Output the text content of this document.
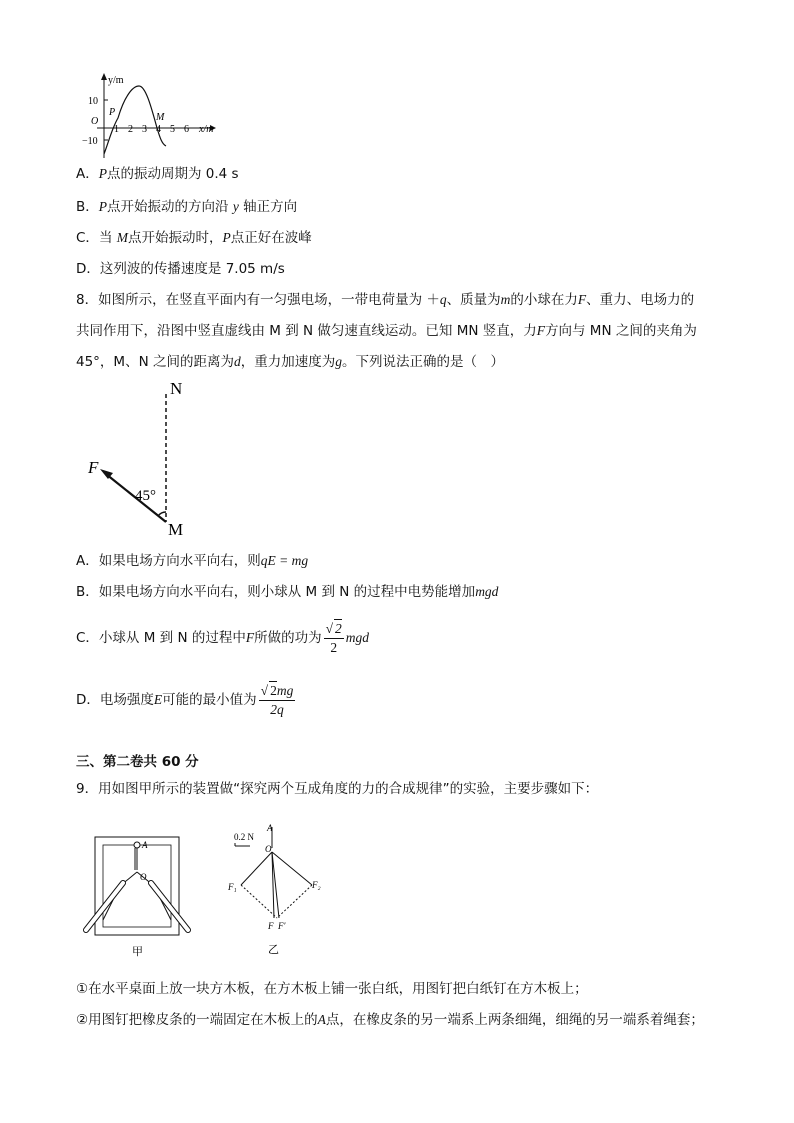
y/m
x/m
O
10
−10
1 2 3 4 5 6
P	M
A．P点的振动周期为 0.4 s
B．P点开始振动的方向沿 y 轴正方向
C．当 M点开始振动时，P点正好在波峰
D．这列波的传播速度是 7.05 m/s
8．如图所示，在竖直平面内有一匀强电场，一带电荷量为 ＋q、质量为m的小球在力F、重力、电场力的
共同作用下，沿图中竖直虚线由 M 到 N 做匀速直线运动。已知 MN 竖直，力F方向与 MN 之间的夹角为
45°，M、N 之间的距离为d，重力加速度为g。下列说法正确的是（　）
N
F
45°
M
A．如果电场方向水平向右，则qE = mg
B．如果电场方向水平向右，则小球从 M 到 N 的过程中电势能增加mgd
C．小球从 M 到 N 的过程中F所做的功为 $\frac{√ 2}{2}$ mgd
D．电场强度E可能的最小值为 $\frac{√ 2mg}{2q}$
三、第二卷共 60 分
9．用如图甲所示的装置做“探究两个互成角度的力的合成规律”的实验，主要步骤如下：
A
O
甲
0.2 N
A
O
F₁	F₂
F F′
乙
①在水平桌面上放一块方木板，在方木板上铺一张白纸，用图钉把白纸钉在方木板上；
②用图钉把橡皮条的一端固定在木板上的A点，在橡皮条的另一端系上两条细绳，细绳的另一端系着绳套；
